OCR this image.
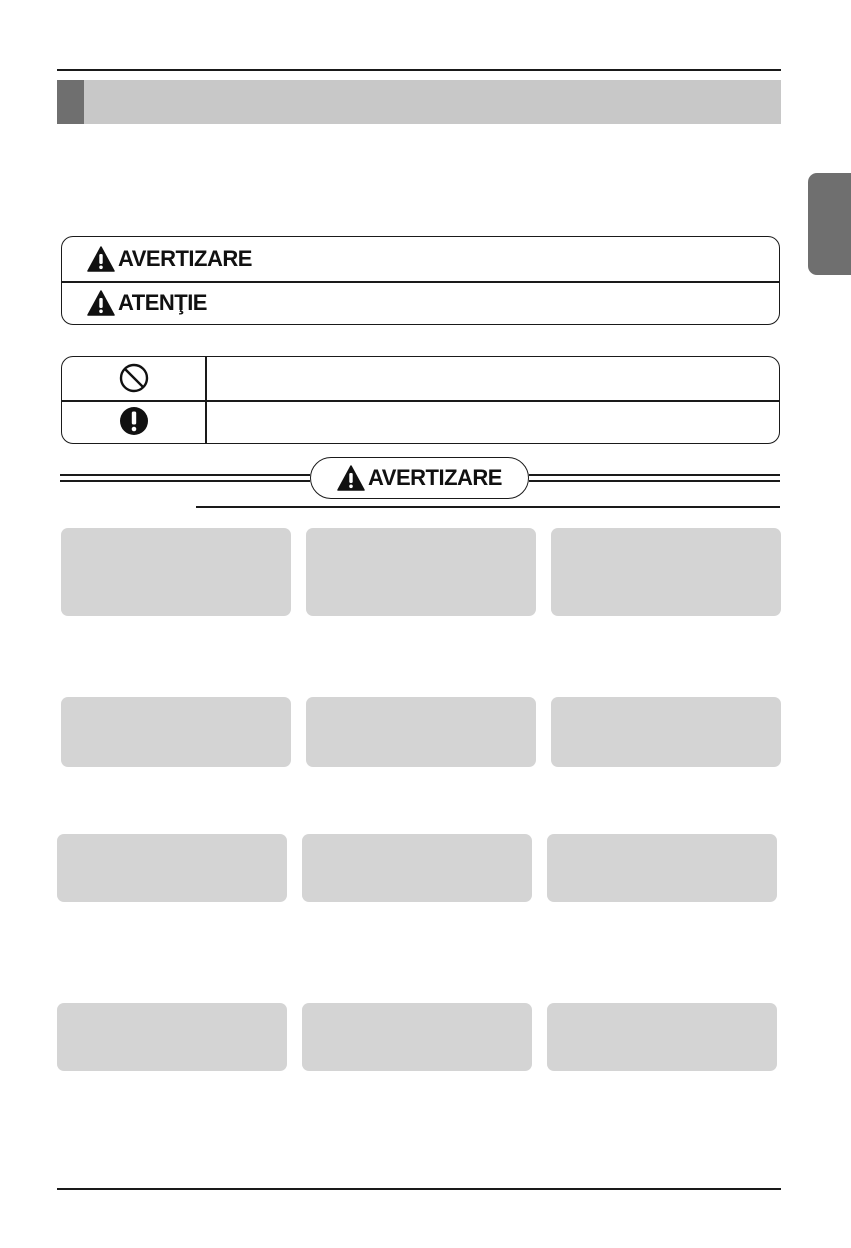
AVERTIZARE
ATENŢIE
AVERTIZARE
